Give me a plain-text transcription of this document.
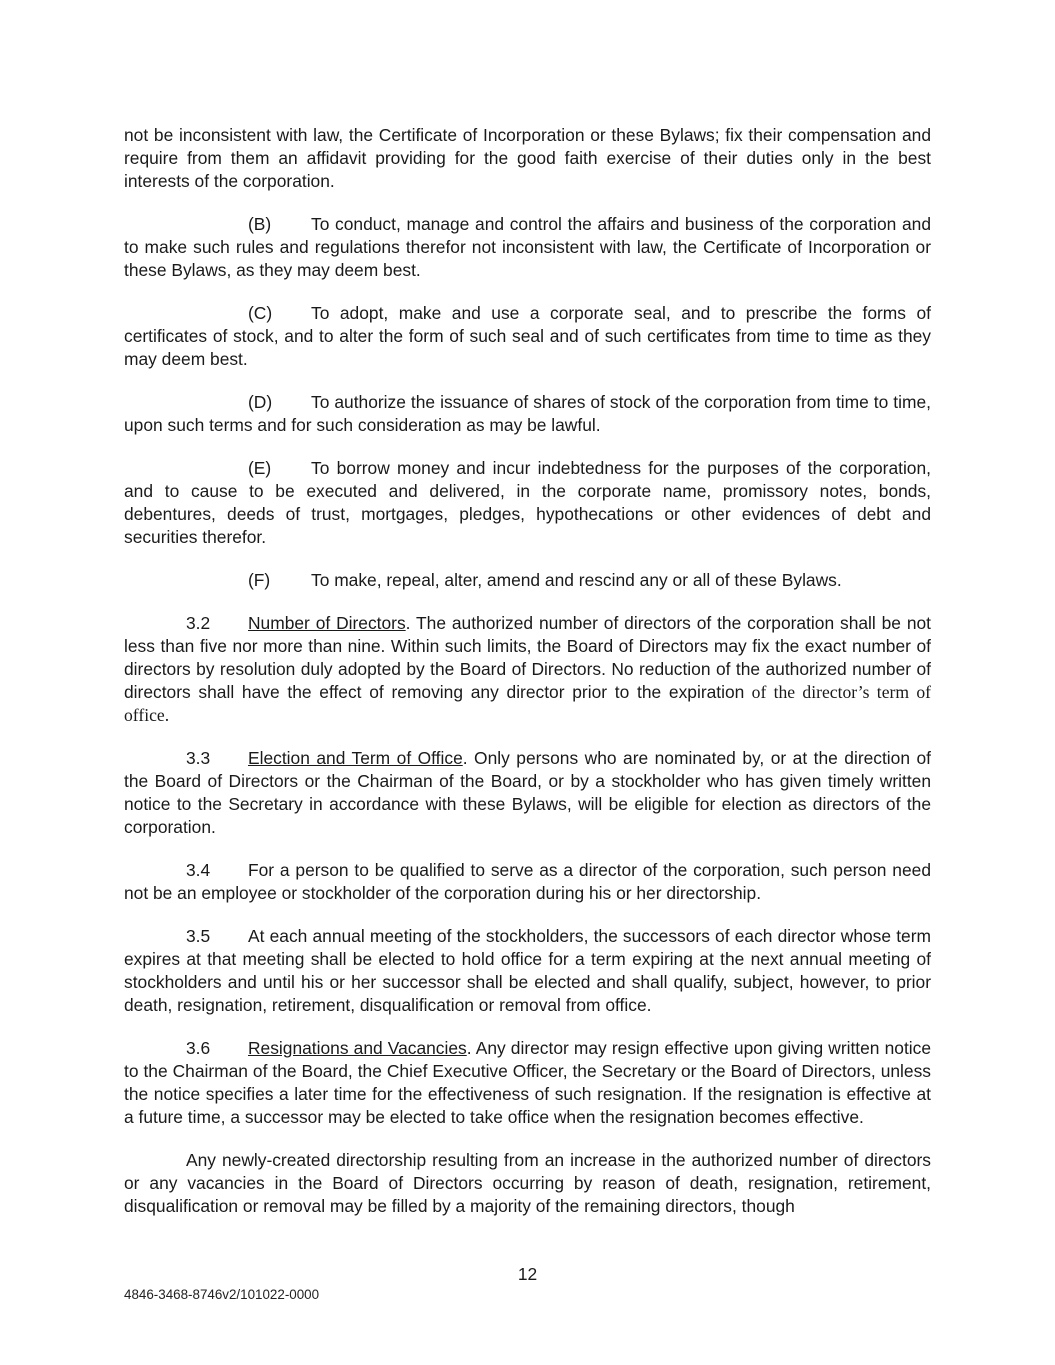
not be inconsistent with law, the Certificate of Incorporation or these Bylaws; fix their compensation and require from them an affidavit providing for the good faith exercise of their duties only in the best interests of the corporation.

(B) To conduct, manage and control the affairs and business of the corporation and to make such rules and regulations therefor not inconsistent with law, the Certificate of Incorporation or these Bylaws, as they may deem best.

(C) To adopt, make and use a corporate seal, and to prescribe the forms of certificates of stock, and to alter the form of such seal and of such certificates from time to time as they may deem best.

(D) To authorize the issuance of shares of stock of the corporation from time to time, upon such terms and for such consideration as may be lawful.

(E) To borrow money and incur indebtedness for the purposes of the corporation, and to cause to be executed and delivered, in the corporate name, promissory notes, bonds, debentures, deeds of trust, mortgages, pledges, hypothecations or other evidences of debt and securities therefor.

(F) To make, repeal, alter, amend and rescind any or all of these Bylaws.

3.2 Number of Directors. The authorized number of directors of the corporation shall be not less than five nor more than nine. Within such limits, the Board of Directors may fix the exact number of directors by resolution duly adopted by the Board of Directors. No reduction of the authorized number of directors shall have the effect of removing any director prior to the expiration of the director’s term of office.

3.3 Election and Term of Office. Only persons who are nominated by, or at the direction of the Board of Directors or the Chairman of the Board, or by a stockholder who has given timely written notice to the Secretary in accordance with these Bylaws, will be eligible for election as directors of the corporation.

3.4 For a person to be qualified to serve as a director of the corporation, such person need not be an employee or stockholder of the corporation during his or her directorship.

3.5 At each annual meeting of the stockholders, the successors of each director whose term expires at that meeting shall be elected to hold office for a term expiring at the next annual meeting of stockholders and until his or her successor shall be elected and shall qualify, subject, however, to prior death, resignation, retirement, disqualification or removal from office.

3.6 Resignations and Vacancies. Any director may resign effective upon giving written notice to the Chairman of the Board, the Chief Executive Officer, the Secretary or the Board of Directors, unless the notice specifies a later time for the effectiveness of such resignation. If the resignation is effective at a future time, a successor may be elected to take office when the resignation becomes effective.

Any newly-created directorship resulting from an increase in the authorized number of directors or any vacancies in the Board of Directors occurring by reason of death, resignation, retirement, disqualification or removal may be filled by a majority of the remaining directors, though

12
4846-3468-8746v2/101022-0000
